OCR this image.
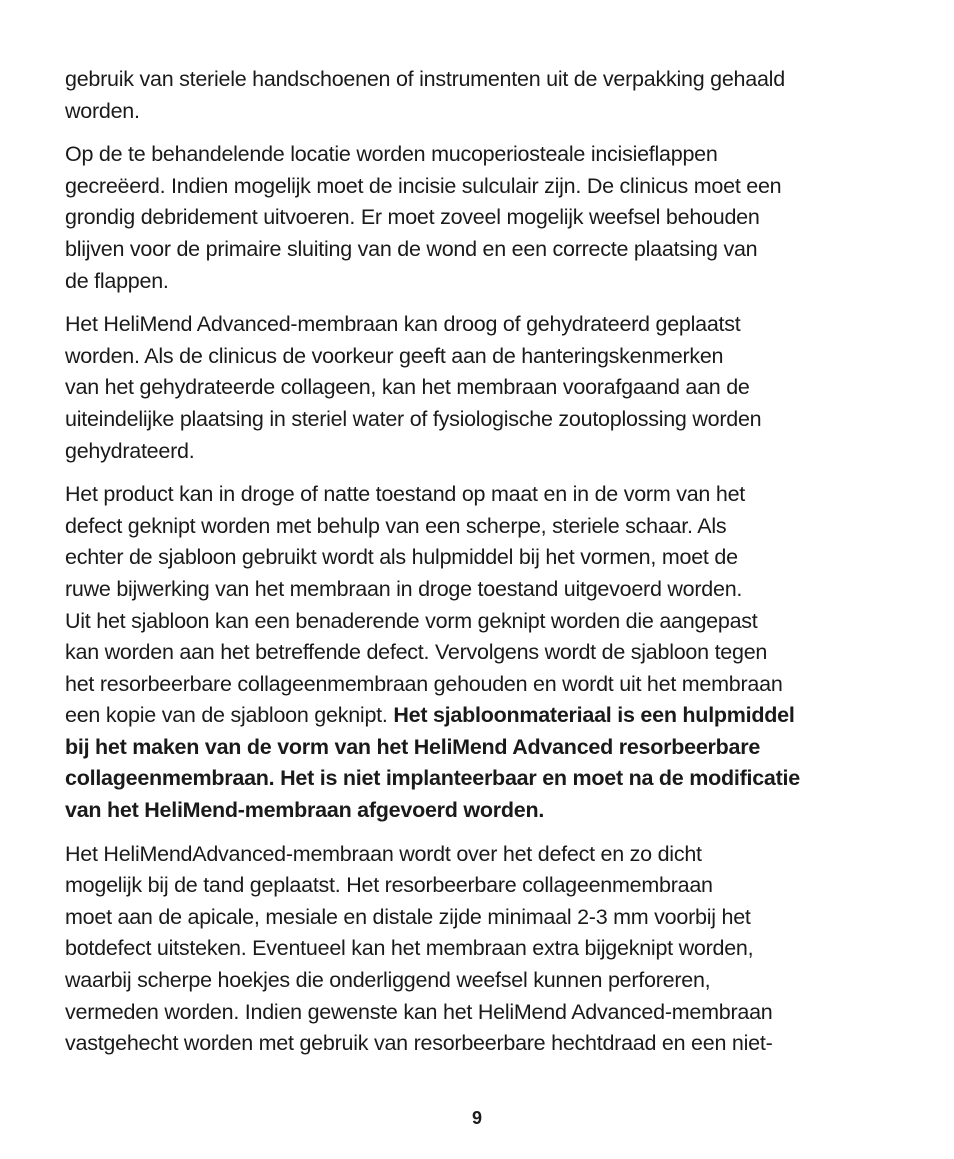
gebruik van steriele handschoenen of instrumenten uit de verpakking gehaald
worden.

Op de te behandelende locatie worden mucoperiosteale incisieflappen
gecreëerd. Indien mogelijk moet de incisie sulculair zijn. De clinicus moet een
grondig debridement uitvoeren. Er moet zoveel mogelijk weefsel behouden
blijven voor de primaire sluiting van de wond en een correcte plaatsing van
de flappen.

Het HeliMend Advanced-membraan kan droog of gehydrateerd geplaatst
worden. Als de clinicus de voorkeur geeft aan de hanteringskenmerken
van het gehydrateerde collageen, kan het membraan voorafgaand aan de
uiteindelijke plaatsing in steriel water of fysiologische zoutoplossing worden
gehydrateerd.

Het product kan in droge of natte toestand op maat en in de vorm van het
defect geknipt worden met behulp van een scherpe, steriele schaar. Als
echter de sjabloon gebruikt wordt als hulpmiddel bij het vormen, moet de
ruwe bijwerking van het membraan in droge toestand uitgevoerd worden.
Uit het sjabloon kan een benaderende vorm geknipt worden die aangepast
kan worden aan het betreffende defect. Vervolgens wordt de sjabloon tegen
het resorbeerbare collageenmembraan gehouden en wordt uit het membraan
een kopie van de sjabloon geknipt. Het sjabloonmateriaal is een hulpmiddel
bij het maken van de vorm van het HeliMend Advanced resorbeerbare
collageenmembraan. Het is niet implanteerbaar en moet na de modificatie
van het HeliMend-membraan afgevoerd worden.

Het HeliMendAdvanced-membraan wordt over het defect en zo dicht
mogelijk bij de tand geplaatst. Het resorbeerbare collageenmembraan
moet aan de apicale, mesiale en distale zijde minimaal 2-3 mm voorbij het
botdefect uitsteken. Eventueel kan het membraan extra bijgeknipt worden,
waarbij scherpe hoekjes die onderliggend weefsel kunnen perforeren,
vermeden worden. Indien gewenste kan het HeliMend Advanced-membraan
vastgehecht worden met gebruik van resorbeerbare hechtdraad en een niet-

9
